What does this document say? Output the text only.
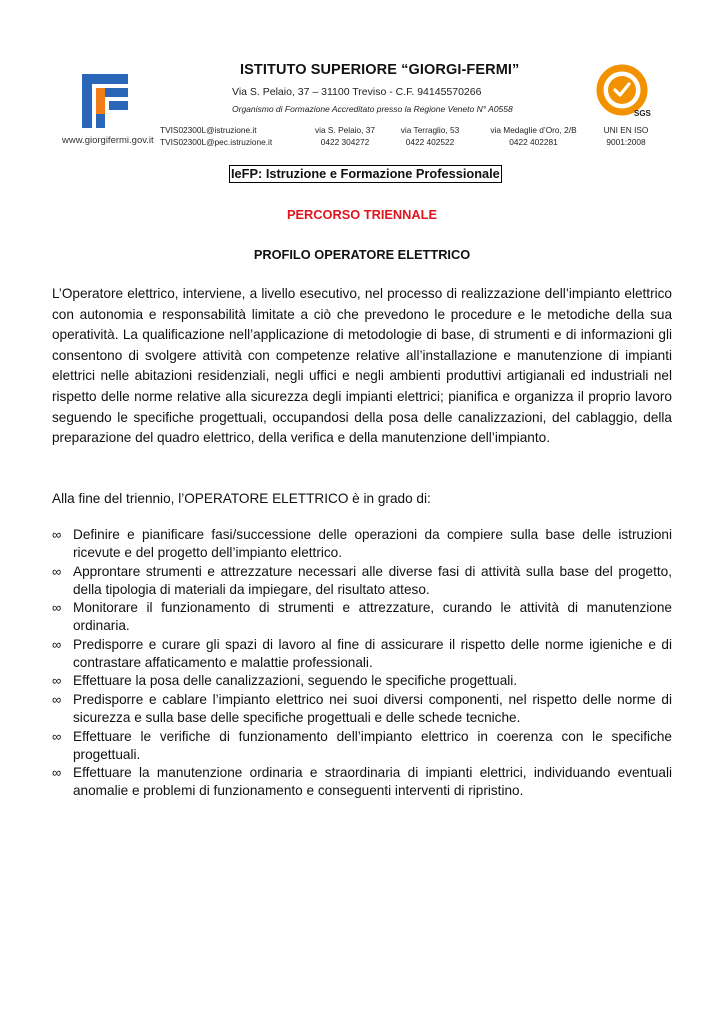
www.giorgifermi.gov.it
ISTITUTO SUPERIORE “GIORGI-FERMI”
Via S. Pelaio, 37 – 31100 Treviso - C.F. 94145570266
Organismo di Formazione Accreditato presso la Regione Veneto N° A0558
TVIS02300L@istruzione.it
TVIS02300L@pec.istruzione.it
via S. Pelaio, 37
0422 304272
via Terraglio, 53
0422 402522
via Medaglie d’Oro, 2/B
0422 402281
UNI EN ISO
9001:2008
SGS
IeFP: Istruzione e Formazione Professionale
PERCORSO TRIENNALE
PROFILO OPERATORE ELETTRICO

L’Operatore elettrico, interviene, a livello esecutivo, nel processo di realizzazione dell’impianto elettrico con autonomia e responsabilità limitate a ciò che prevedono le procedure e le metodiche della sua operatività. La qualificazione nell’applicazione di metodologie di base, di strumenti e di informazioni gli consentono di svolgere attività con competenze relative all’installazione e manutenzione di impianti elettrici nelle abitazioni residenziali, negli uffici e negli ambienti produttivi artigianali ed industriali nel rispetto delle norme relative alla sicurezza degli impianti elettrici; pianifica e organizza il proprio lavoro seguendo le specifiche progettuali, occupandosi della posa delle canalizzazioni, del cablaggio, della preparazione del quadro elettrico, della verifica e della manutenzione dell’impianto.

Alla fine del triennio, l’OPERATORE ELETTRICO è in grado di:

∞ Definire e pianificare fasi/successione delle operazioni da compiere sulla base delle istruzioni ricevute e del progetto dell’impianto elettrico.
∞ Approntare strumenti e attrezzature necessari alle diverse fasi di attività sulla base del progetto, della tipologia di materiali da impiegare, del risultato atteso.
∞ Monitorare il funzionamento di strumenti e attrezzature, curando le attività di manutenzione ordinaria.
∞ Predisporre e curare gli spazi di lavoro al fine di assicurare il rispetto delle norme igieniche e di contrastare affaticamento e malattie professionali.
∞ Effettuare la posa delle canalizzazioni, seguendo le specifiche progettuali.
∞ Predisporre e cablare l’impianto elettrico nei suoi diversi componenti, nel rispetto delle norme di sicurezza e sulla base delle specifiche progettuali e delle schede tecniche.
∞ Effettuare le verifiche di funzionamento dell’impianto elettrico in coerenza con le specifiche progettuali.
∞ Effettuare la manutenzione ordinaria e straordinaria di impianti elettrici, individuando eventuali anomalie e problemi di funzionamento e conseguenti interventi di ripristino.
